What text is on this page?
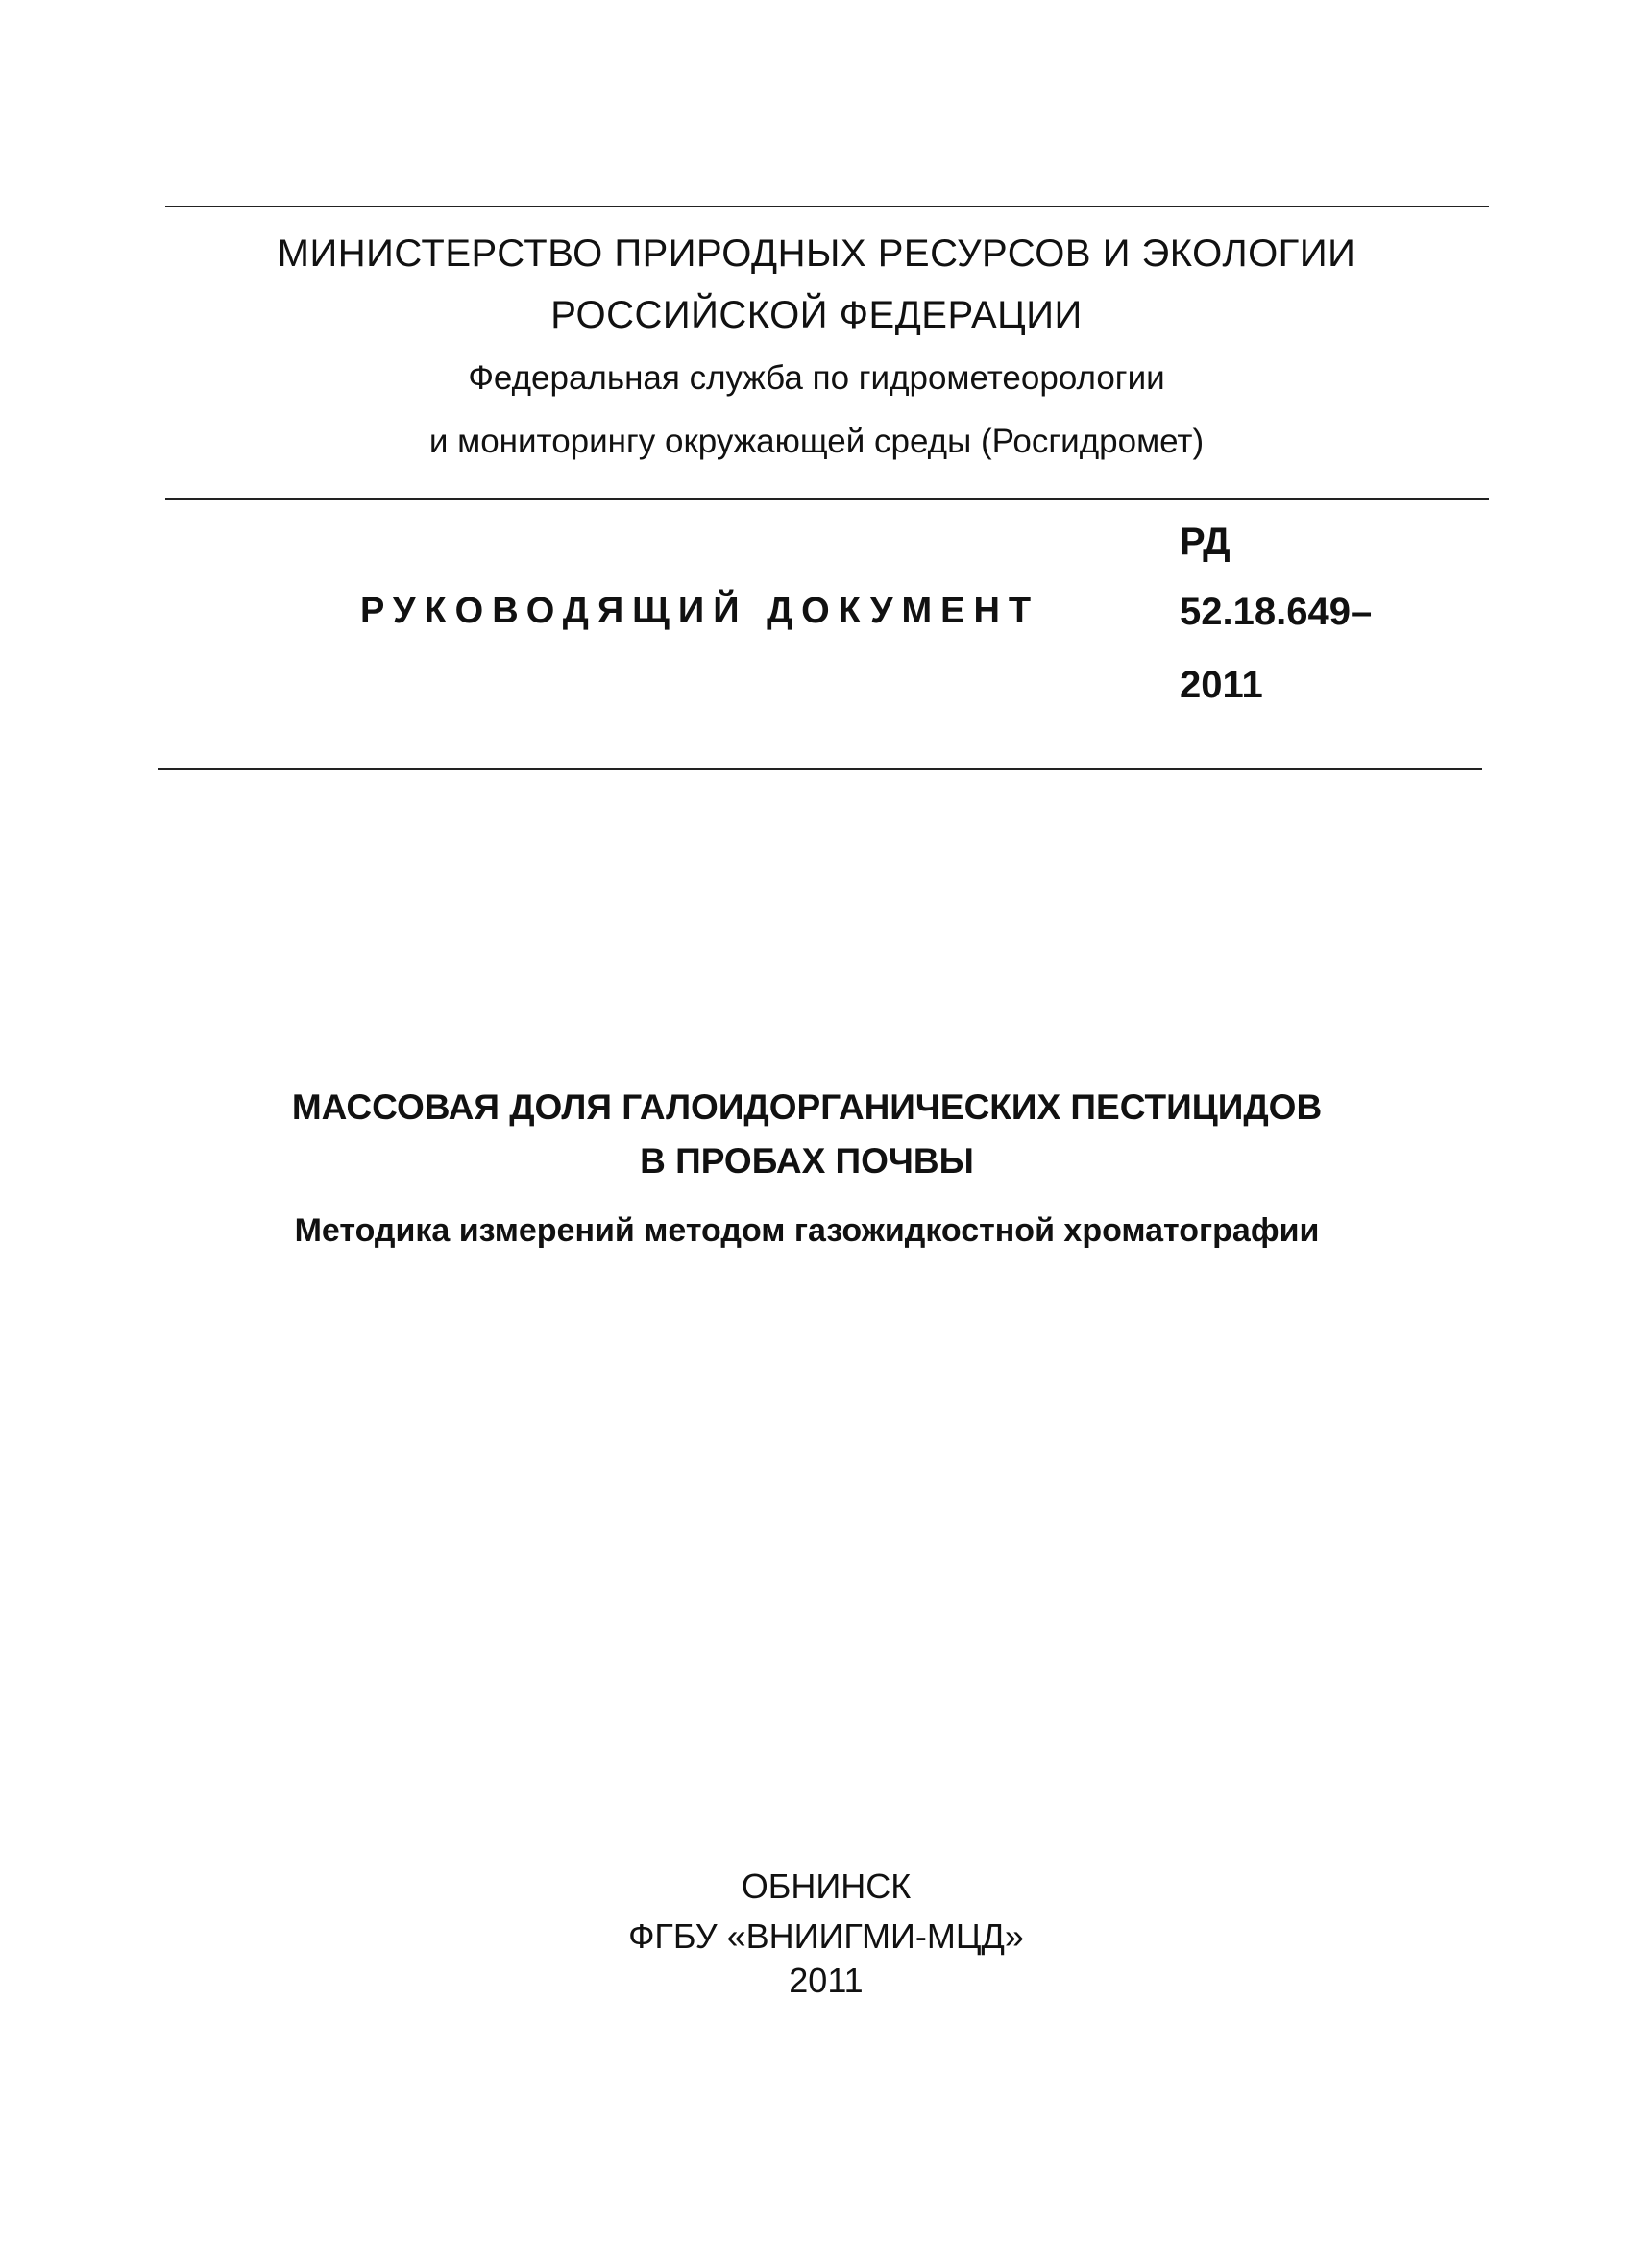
МИНИСТЕРСТВО ПРИРОДНЫХ РЕСУРСОВ И ЭКОЛОГИИ
РОССИЙСКОЙ ФЕДЕРАЦИИ
Федеральная служба по гидрометеорологии
и мониторингу окружающей среды (Росгидромет)
РУКОВОДЯЩИЙ ДОКУМЕНТ
РД
52.18.649–
2011
МАССОВАЯ ДОЛЯ ГАЛОИДОРГАНИЧЕСКИХ ПЕСТИЦИДОВ
В ПРОБАХ ПОЧВЫ
Методика измерений методом газожидкостной хроматографии
ОБНИНСК
ФГБУ «ВНИИГМИ-МЦД»
2011
